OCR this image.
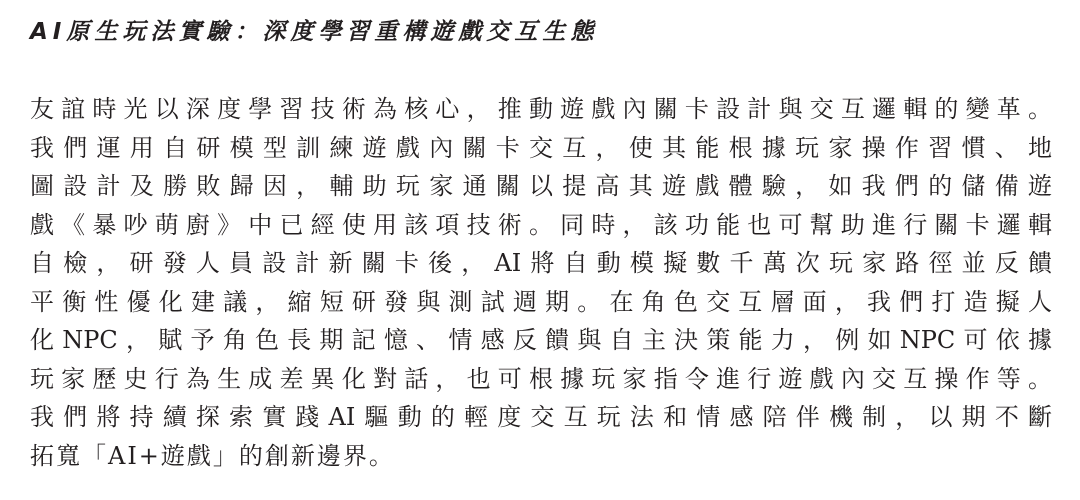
AI原生玩法實驗：深度學習重構遊戲交互生態
友誼時光以深度學習技術為核心，推動遊戲內關卡設計與交互邏輯的變革。
我們運用自研模型訓練遊戲內關卡交互，使其能根據玩家操作習慣、地
圖設計及勝敗歸因，輔助玩家通關以提高其遊戲體驗，如我們的儲備遊
戲《暴吵萌廚》中已經使用該項技術。同時，該功能也可幫助進行關卡邏輯
自檢，研發人員設計新關卡後，AI將自動模擬數千萬次玩家路徑並反饋
平衡性優化建議，縮短研發與測試週期。在角色交互層面，我們打造擬人
化NPC，賦予角色長期記憶、情感反饋與自主決策能力，例如NPC可依據
玩家歷史行為生成差異化對話，也可根據玩家指令進行遊戲內交互操作等。
我們將持續探索實踐AI驅動的輕度交互玩法和情感陪伴機制，以期不斷
拓寬「AI+遊戲」的創新邊界。
